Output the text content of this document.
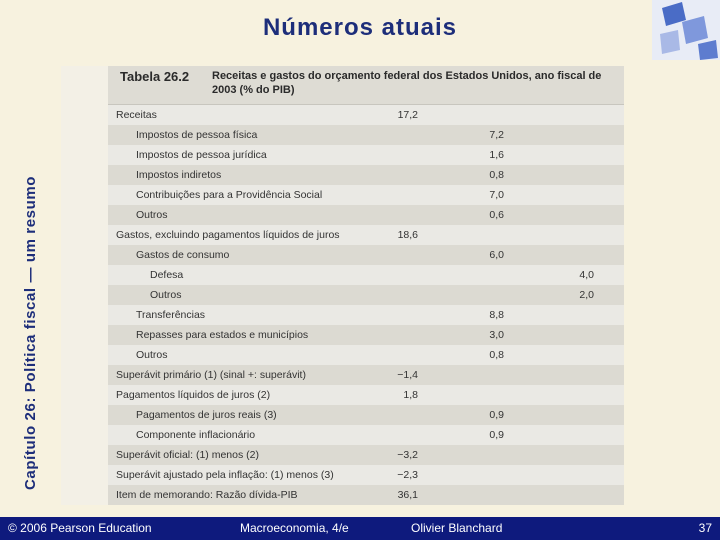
Capítulo 26: Política fiscal — um resumo
Números atuais
Tabela 26.2 Receitas e gastos do orçamento federal dos Estados Unidos, ano fiscal de 2003 (% do PIB)
Receitas	17,2
Impostos de pessoa física	7,2
Impostos de pessoa jurídica	1,6
Impostos indiretos	0,8
Contribuições para a Providência Social	7,0
Outros	0,6
Gastos, excluindo pagamentos líquidos de juros	18,6
Gastos de consumo	6,0
Defesa	4,0
Outros	2,0
Transferências	8,8
Repasses para estados e municípios	3,0
Outros	0,8
Superávit primário (1) (sinal +: superávit)	−1,4
Pagamentos líquidos de juros (2)	1,8
Pagamentos de juros reais (3)	0,9
Componente inflacionário	0,9
Superávit oficial: (1) menos (2)	−3,2
Superávit ajustado pela inflação: (1) menos (3)	−2,3
Item de memorando: Razão dívida-PIB	36,1
© 2006 Pearson Education	Macroeconomia, 4/e	Olivier Blanchard	37
